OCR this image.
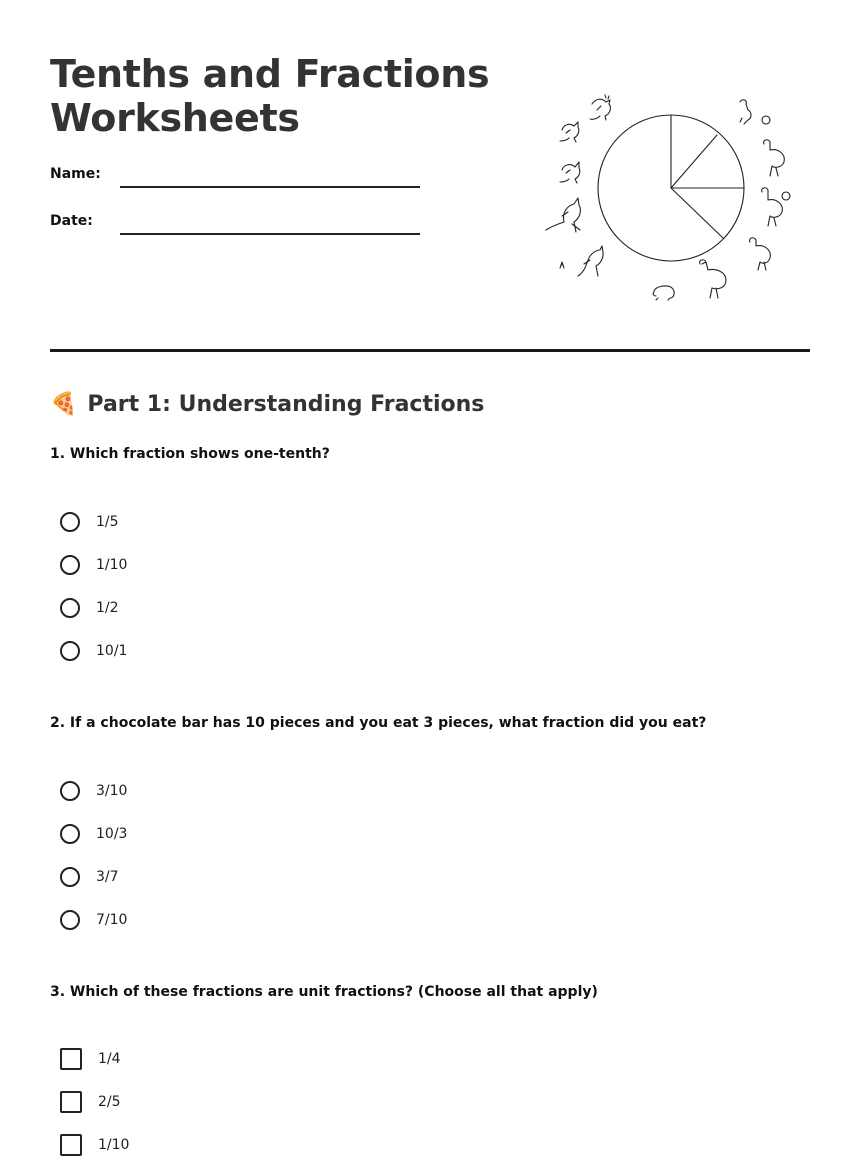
Tenths and Fractions
Worksheets
Name:
Date:
🍕 Part 1: Understanding Fractions
1. Which fraction shows one-tenth?
1/5
1/10
1/2
10/1
2. If a chocolate bar has 10 pieces and you eat 3 pieces, what fraction did you eat?
3/10
10/3
3/7
7/10
3. Which of these fractions are unit fractions? (Choose all that apply)
1/4
2/5
1/10
